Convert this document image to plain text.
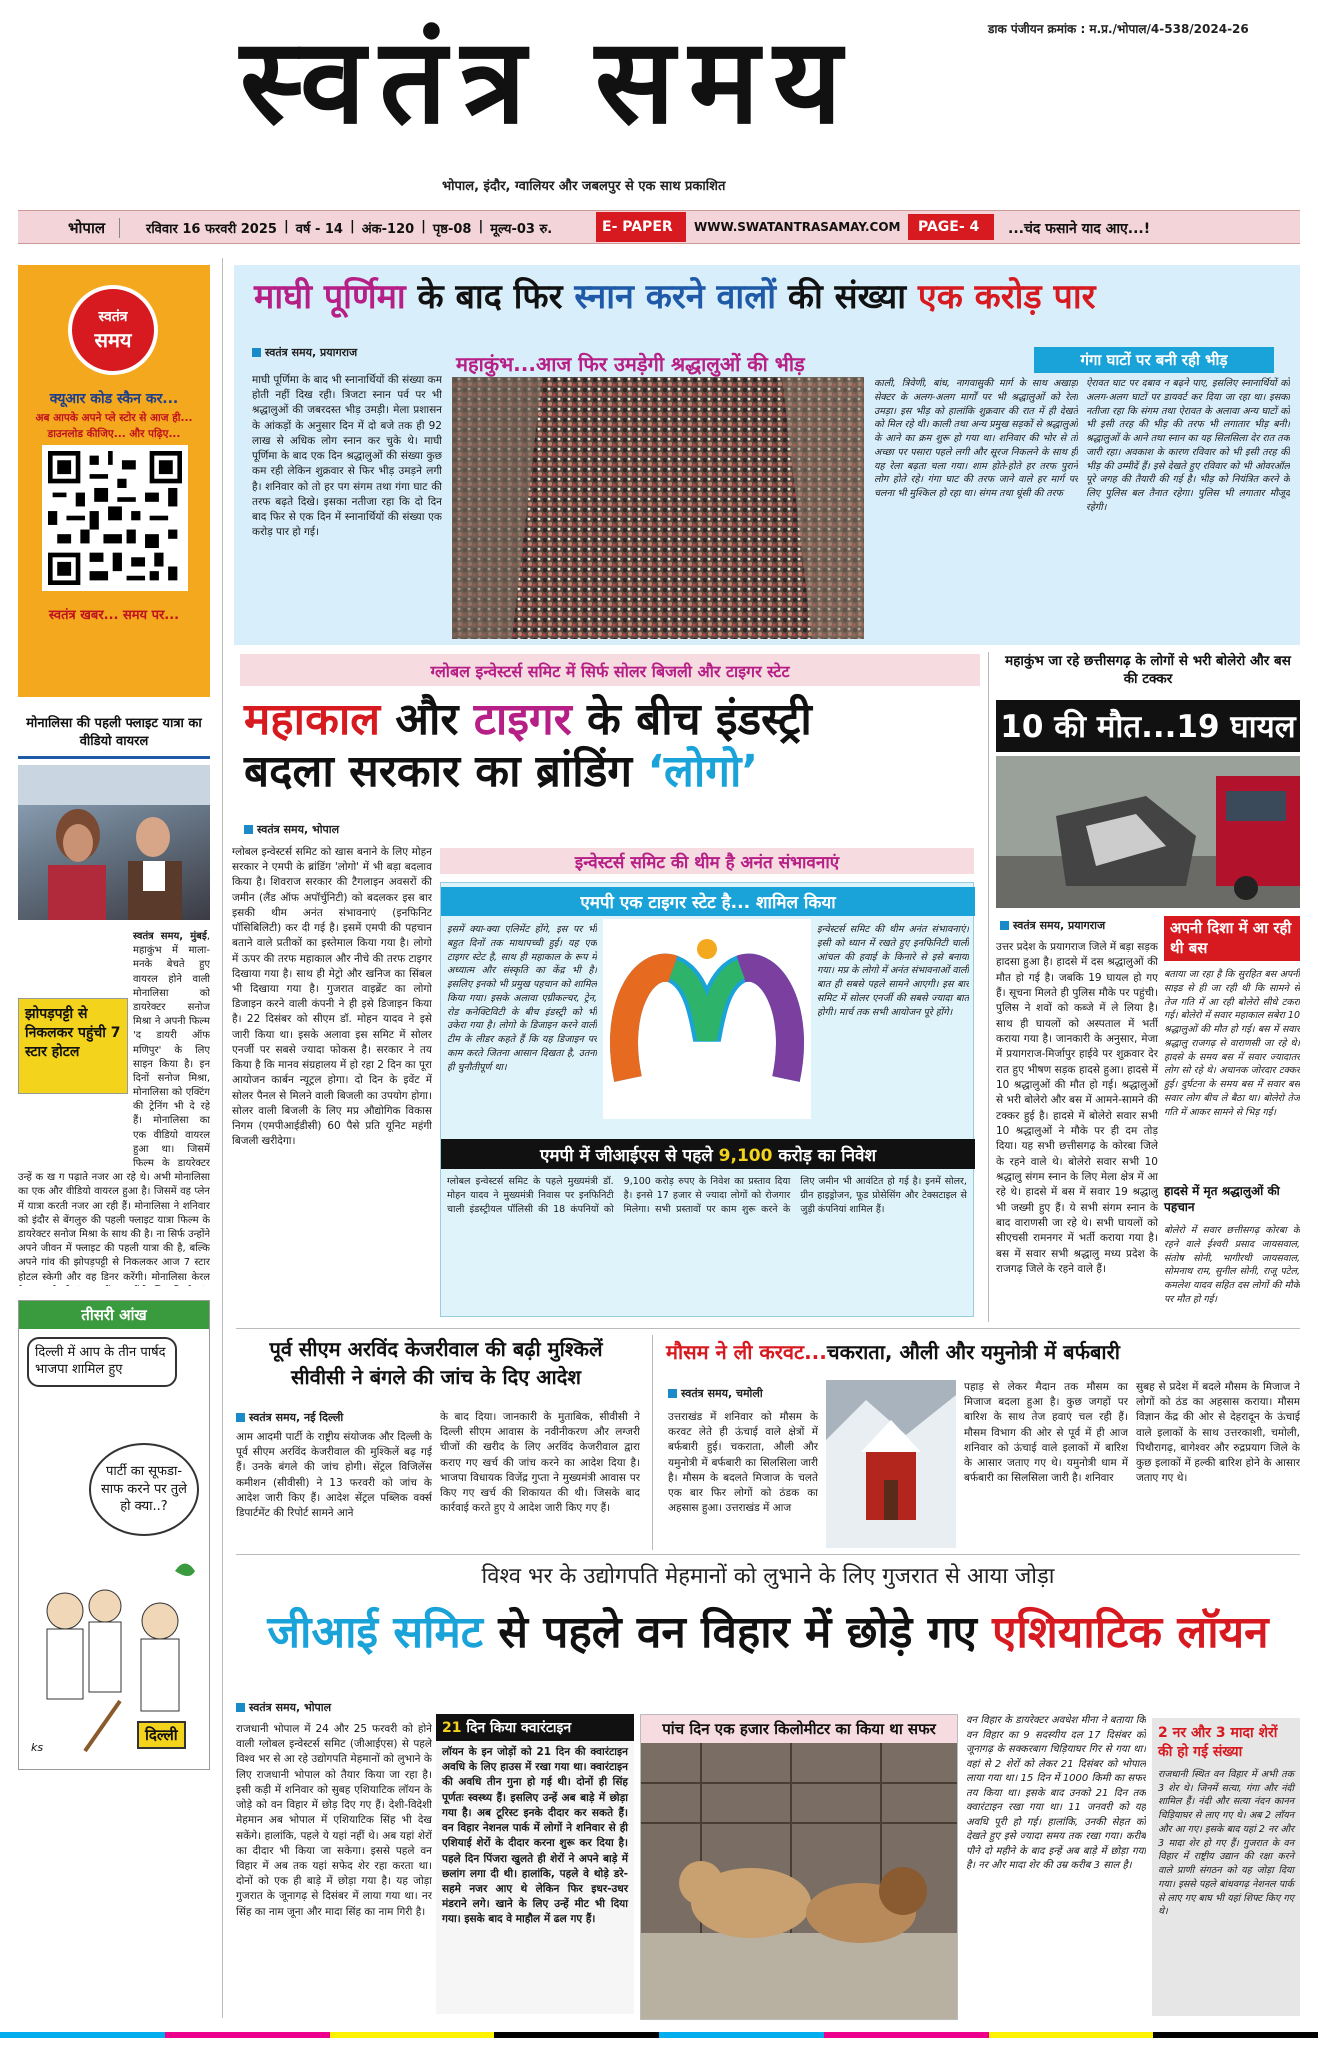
डाक पंजीयन क्रमांक : म.प्र./भोपाल/4-538/2024-26
स्वतंत्र समय
भोपाल, इंदौर, ग्वालियर और जबलपुर से एक साथ प्रकाशित
भोपाल	रविवार 16 फरवरी 2025 | वर्ष - 14 | अंक-120 | पृष्ठ-08 | मूल्य-03 रु.	E- PAPER	WWW.SWATANTRASAMAY.COM	PAGE- 4	...चंद फसाने याद आए...!
स्वतंत्र
समय
क्यूआर कोड स्कैन कर...
अब आपके अपने प्ले स्टोर से आज ही...
डाउनलोड कीजिए... और पढ़िए...
स्वतंत्र खबर... समय पर...
मोनालिसा की पहली फ्लाइट यात्रा का वीडियो वायरल
झोपड़पट्टी से निकलकर पहुंची 7 स्टार होटल
स्वतंत्र समय, मुंबई, महाकुंभ में माला-मनके बेचते हुए वायरल होने वाली मोनालिसा को डायरेक्टर सनोज मिश्रा ने अपनी फिल्म 'द डायरी ऑफ मणिपुर' के लिए साइन किया है। इन दिनों सनोज मिश्रा, मोनालिसा को एक्टिंग की ट्रेनिंग भी दे रहे हैं। मोनालिसा का एक वीडियो वायरल हुआ था। जिसमें फिल्म के डायरेक्टर उन्हें क ख ग पढ़ाते नजर आ रहे थे। अभी मोनालिसा का एक और वीडियो वायरल हुआ है। जिसमें वह प्लेन में यात्रा करती नजर आ रही हैं। मोनालिसा ने शनिवार को इंदौर से बेंगलुरु की पहली फ्लाइट यात्रा फिल्म के डायरेक्टर सनोज मिश्रा के साथ की है। ना सिर्फ उन्होंने अपने जीवन में फ्लाइट की पहली यात्रा की है, बल्कि अपने गांव की झोपड़पट्टी से निकलकर आज 7 स्टार होटल स्केगी और वह डिनर करेंगी। मोनालिसा केरल
तीसरी आंख
दिल्ली में आप के तीन पार्षद भाजपा शामिल हुए
पार्टी का सूफडा-साफ करने पर तुले हो क्या..?
दिल्ली
ks
माघी पूर्णिमा के बाद फिर स्नान करने वालों की संख्या एक करोड़ पार
स्वतंत्र समय, प्रयागराज	महाकुंभ...आज फिर उमड़ेगी श्रद्धालुओं की भीड़	गंगा घाटों पर बनी रही भीड़
माघी पूर्णिमा के बाद भी स्नानार्थियों की संख्या कम होती नहीं दिख रही। त्रिजटा स्नान पर्व पर भी श्रद्धालुओं की जबरदस्त भीड़ उमड़ी। मेला प्रशासन के आंकड़ों के अनुसार दिन में दो बजे तक ही 92 लाख से अधिक लोग स्नान कर चुके थे। माघी पूर्णिमा के बाद एक दिन श्रद्धालुओं की संख्या कुछ कम रही लेकिन शुक्रवार से फिर भीड़ उमड़ने लगी है। शनिवार को तो हर पग संगम तथा गंगा घाट की तरफ बढ़ते दिखे। इसका नतीजा रहा कि दो दिन बाद फिर से एक दिन में स्नानार्थियों की संख्या एक करोड़ पार हो गई।
काली, त्रिवेणी, बांध, नागवासुकी मार्ग के साथ अखाड़ा सेक्टर के अलग-अलग मार्गों पर भी श्रद्धालुओं को रेला उमड़ा। इस भीड़ को हालांकि शुक्रवार की रात में ही देखते को मिल रहे थी। काली तथा अन्य प्रमुख सड़कों से श्रद्धालुओं के आने का क्रम शुरू हो गया था। शनिवार की भोर से तो अच्छा पर पसारा पहले लगी और सूरज निकलने के साथ ही यह रेला बढ़ता चला गया। शाम होते-होते हर तरफ पुराने लोग होते रहे। गंगा घाट की तरफ जाने वाले हर मार्ग पर चलना भी मुश्किल हो रहा था। संगम तथा घूंसी की तरफ
ऐरावत घाट पर दबाव न बढ़ने पाए, इसलिए स्नानार्थियों को अलग-अलग घाटों पर डायवर्ट कर दिया जा रहा था। इसका नतीजा रहा कि संगम तथा ऐरावत के अलावा अन्य घाटों को भी इसी तरह की भीड़ की तरफ भी लगातार भीड़ बनी। श्रद्धालुओं के आने तथा स्नान का यह सिलसिला देर रात तक जारी रहा। अवकाश के कारण रविवार को भी इसी तरह की भीड़ की उम्मीदें हैं। इसे देखते हुए रविवार को भी ओवरऑल पूरे जगह की तैयारी की गई है। भीड़ को नियंत्रित करने के लिए पुलिस बल तैनात रहेगा। पुलिस भी लगातार मौजूद रहेगी।
ग्लोबल इन्वेस्टर्स समिट में सिर्फ सोलर बिजली और टाइगर स्टेट
महाकाल और टाइगर के बीच इंडस्ट्री
बदला सरकार का ब्रांडिंग ‘लोगो’
स्वतंत्र समय, भोपाल
इन्वेस्टर्स समिट की थीम है अनंत संभावनाएं
ग्लोबल इन्वेस्टर्स समिट को खास बनाने के लिए मोहन सरकार ने एमपी के ब्रांडिंग 'लोगो' में भी बड़ा बदलाव किया है। शिवराज सरकार की टैगलाइन अवसरों की जमीन (लैंड ऑफ अपॉर्चुनिटी) को बदलकर इस बार इसकी थीम अनंत संभावनाएं (इनफिनिट पॉसिबिलिटी) कर दी गई है। इसमें एमपी की पहचान बताने वाले प्रतीकों का इस्तेमाल किया गया है। लोगो में ऊपर की तरफ महाकाल और नीचे की तरफ टाइगर दिखाया गया है। साथ ही मेट्रो और खनिज का सिंबल भी दिखाया गया है। गुजरात वाइब्रेंट का लोगो डिजाइन करने वाली कंपनी ने ही इसे डिजाइन किया है। 22 दिसंबर को सीएम डॉ. मोहन यादव ने इसे जारी किया था। इसके अलावा इस समिट में सोलर एनर्जी पर सबसे ज्यादा फोकस है। सरकार ने तय किया है कि मानव संग्रहालय में हो रहा 2 दिन का पूरा आयोजन कार्बन न्यूट्रल होगा। दो दिन के इवेंट में सोलर पैनल से मिलने वाली बिजली का उपयोग होगा। सोलर वाली बिजली के लिए मप्र औद्योगिक विकास निगम (एमपीआईडीसी) 60 पैसे प्रति यूनिट महंगी बिजली खरीदेगा।
एमपी एक टाइगर स्टेट है... शामिल किया
इसमें क्या-क्या एलिमेंट होंगे, इस पर भी बहुत दिनों तक माथापच्ची हुई। यह एक टाइगर स्टेट है, साथ ही महाकाल के रूप में अध्यात्म और संस्कृति का केंद्र भी है। इसलिए इनको भी प्रमुख पहचान को शामिल किया गया। इसके अलावा एग्रीकल्चर, ट्रेन, रोड कनेक्टिविटी के बीच इंडस्ट्री को भी उकेरा गया है। लोगो के डिजाइन करने वाली टीम के लीडर कहते हैं कि यह डिजाइन पर काम करते जितना आसान दिखता है, उतना ही चुनौतीपूर्ण था।
इन्वेस्टर्स समिट की थीम अनंत संभावनाएं। इसी को ध्यान में रखते हुए इनफिनिटी चाली आंचल की हवाई के किनारे से इसे बनाया गया। मप्र के लोगो में अनंत संभावनाओं वाली बात ही सबसे पहले सामने आएगी। इस बार समिट में सोलर एनर्जी की सबसे ज्यादा बात होगी। मार्च तक सभी आयोजन पूरे होंगे।
एमपी में जीआईएस से पहले 9,100 करोड़ का निवेश
ग्लोबल इन्वेस्टर्स समिट के पहले मुख्यमंत्री डॉ. मोहन यादव ने मुख्यमंत्री निवास पर इनफिनिटी चाली इंडस्ट्रीयल पॉलिसी की 18 कंपनियों को 9,100 करोड़ रुपए के निवेश का प्रस्ताव दिया है। इनसे 17 हजार से ज्यादा लोगों को रोजगार मिलेगा। सभी प्रस्तावों पर काम शुरू करने के लिए जमीन भी आवंटित हो गई है। इनमें सोलर, ग्रीन हाइड्रोजन, फूड प्रोसेसिंग और टेक्सटाइल से जुड़ी कंपनियां शामिल हैं।
महाकुंभ जा रहे छत्तीसगढ़ के लोगों से भरी बोलेरो और बस की टक्कर
10 की मौत...19 घायल
स्वतंत्र समय, प्रयागराज
उत्तर प्रदेश के प्रयागराज जिले में बड़ा सड़क हादसा हुआ है। हादसे में दस श्रद्धालुओं की मौत हो गई है। जबकि 19 घायल हो गए हैं। सूचना मिलते ही पुलिस मौके पर पहुंची। पुलिस ने शवों को कब्जे में ले लिया है। साथ ही घायलों को अस्पताल में भर्ती कराया गया है। जानकारी के अनुसार, मेजा में प्रयागराज-मिर्जापुर हाईवे पर शुक्रवार देर रात हुए भीषण सड़क हादसे हुआ। हादसे में 10 श्रद्धालुओं की मौत हो गई। श्रद्धालुओं से भरी बोलेरो और बस में आमने-सामने की टक्कर हुई है। हादसे में बोलेरो सवार सभी 10 श्रद्धालुओं ने मौके पर ही दम तोड़ दिया। यह सभी छत्तीसगढ़ के कोरबा जिले के रहने वाले थे। बोलेरो सवार सभी 10 श्रद्धालु संगम स्नान के लिए मेला क्षेत्र में आ रहे थे। हादसे में बस में सवार 19 श्रद्धालु भी जख्मी हुए हैं। ये सभी संगम स्नान के बाद वाराणसी जा रहे थे। सभी घायलों को सीएचसी रामनगर में भर्ती कराया गया है। बस में सवार सभी श्रद्धालु मध्य प्रदेश के राजगढ़ जिले के रहने वाले हैं।
अपनी दिशा में आ रही थी बस
बताया जा रहा है कि सुरहित बस अपनी साइड से ही जा रही थी कि सामने से तेज गति में आ रही बोलेरो सीधे टकरा गई। बोलेरो में सवार महाकाल सबेरा 10 श्रद्धालुओं की मौत हो गई। बस में सवार श्रद्धालु राजगढ़ से वाराणसी जा रहे थे। हादसे के समय बस में सवार ज्यादातर लोग सो रहे थे। अचानक जोरदार टक्कर हुई। दुर्घटना के समय बस में सवार बस सवार लोग बीच ले बैठा था। बोलेरो तेज गति में आकर सामने से भिड़ गई।
हादसे में मृत श्रद्धालुओं की पहचान
बोलेरो में सवार छत्तीसगढ़ कोरबा के रहने वाले ईश्वरी प्रसाद जायसवाल, संतोष सोनी, भागीरथी जायसवाल, सोमनाथ राम, सुनील सोनी, राजू पटेल, कमलेश यादव सहित दस लोगों की मौके पर मौत हो गई।
पूर्व सीएम अरविंद केजरीवाल की बढ़ी मुश्किलें
सीवीसी ने बंगले की जांच के दिए आदेश
स्वतंत्र समय, नई दिल्ली
आम आदमी पार्टी के राष्ट्रीय संयोजक और दिल्ली के पूर्व सीएम अरविंद केजरीवाल की मुश्किलें बढ़ गई हैं। उनके बंगले की जांच होगी। सेंट्रल विजिलेंस कमीशन (सीवीसी) ने 13 फरवरी को जांच के आदेश जारी किए हैं। आदेश सेंट्रल पब्लिक वर्क्स डिपार्टमेंट की रिपोर्ट सामने आने
के बाद दिया। जानकारी के मुताबिक, सीवीसी ने दिल्ली सीएम आवास के नवीनीकरण और लग्जरी चीजों की खरीद के लिए अरविंद केजरीवाल द्वारा कराए गए खर्च की जांच करने का आदेश दिया है। भाजपा विधायक विजेंद्र गुप्ता ने मुख्यमंत्री आवास पर किए गए खर्च की शिकायत की थी। जिसके बाद कार्रवाई करते हुए ये आदेश जारी किए गए हैं।
मौसम ने ली करवट...चकराता, औली और यमुनोत्री में बर्फबारी
स्वतंत्र समय, चमोली
उत्तराखंड में शनिवार को मौसम के करवट लेते ही ऊंचाई वाले क्षेत्रों में बर्फबारी हुई। चकराता, औली और यमुनोत्री में बर्फबारी का सिलसिला जारी है। मौसम के बदलते मिजाज के चलते एक बार फिर लोगों को ठंडक का अहसास हुआ। उत्तराखंड में आज
पहाड़ से लेकर मैदान तक मौसम का मिजाज बदला हुआ है। कुछ जगहों पर बारिश के साथ तेज हवाएं चल रही हैं। मौसम विभाग की ओर से पूर्व में ही आज शनिवार को ऊंचाई वाले इलाकों में बारिश के आसार जताए गए थे। यमुनोत्री धाम में बर्फबारी का सिलसिला जारी है। शनिवार
सुबह से प्रदेश में बदले मौसम के मिजाज ने लोगों को ठंड का अहसास कराया। मौसम विज्ञान केंद्र की ओर से देहरादून के ऊंचाई वाले इलाकों के साथ उत्तरकाशी, चमोली, पिथौरागढ़, बागेश्वर और रुद्रप्रयाग जिले के कुछ इलाकों में हल्की बारिश होने के आसार जताए गए थे।
विश्व भर के उद्योगपति मेहमानों को लुभाने के लिए गुजरात से आया जोड़ा
जीआई समिट से पहले वन विहार में छोड़े गए एशियाटिक लॉयन
स्वतंत्र समय, भोपाल
राजधानी भोपाल में 24 और 25 फरवरी को होने वाली ग्लोबल इन्वेस्टर्स समिट (जीआईएस) से पहले विश्व भर से आ रहे उद्योगपति मेहमानों को लुभाने के लिए राजधानी भोपाल को तैयार किया जा रहा है। इसी कड़ी में शनिवार को सुबह एशियाटिक लॉयन के जोड़े को वन विहार में छोड़ दिए गए हैं। देशी-विदेशी मेहमान अब भोपाल में एशियाटिक सिंह भी देख सकेंगे। हालांकि, पहले ये यहां नहीं थे। अब यहां शेरों का दीदार भी किया जा सकेगा। इससे पहले वन विहार में अब तक यहां सफेद शेर रहा करता था। दोनों को एक ही बाड़े में छोड़ा गया है। यह जोड़ा गुजरात के जूनागढ़ से दिसंबर में लाया गया था। नर सिंह का नाम जूना और मादा सिंह का नाम गिरी है।
21 दिन किया क्वारंटाइन
लॉयन के इन जोड़ों को 21 दिन की क्वारंटाइन अवधि के लिए हाउस में रखा गया था। क्वारंटाइन की अवधि तीन गुना हो गई थी। दोनों ही सिंह पूर्णतः स्वस्थ्य हैं। इसलिए उन्हें अब बाड़े में छोड़ा गया है। अब टूरिस्ट इनके दीदार कर सकते हैं। वन विहार नेशनल पार्क में लोगों ने शनिवार से ही एशियाई शेरों के दीदार करना शुरू कर दिया है। पहले दिन पिंजरा खुलते ही शेरों ने अपने बाड़े में छलांग लगा दी थी। हालांकि, पहले वे थोड़े डरे-सहमे नजर आए थे लेकिन फिर इधर-उधर मंडराने लगे। खाने के लिए उन्हें मीट भी दिया गया। इसके बाद वे माहौल में ढल गए हैं।
पांच दिन एक हजार किलोमीटर का किया था सफर	वन विहार के डायरेक्टर अवधेश मीना ने बताया कि वन विहार का 9 सदस्यीय दल 17 दिसंबर को जूनागढ़ के सक्करबाग चिड़ियाघर गिर से गया था। वहां से 2 शेरों को लेकर 21 दिसंबर को भोपाल लाया गया था। 15 दिन में 1000 किमी का सफर तय किया था। इसके बाद उनको 21 दिन तक क्वारंटाइन रखा गया था। 11 जनवरी को यह अवधि पूरी हो गई। हालांकि, उनकी सेहत को देखते हुए इसे ज्यादा समय तक रखा गया। करीब पौने दो महीने के बाद इन्हें अब बाड़े में छोड़ा गया है। नर और मादा शेर की उम्र करीब 3 साल है।
2 नर और 3 मादा शेरों की हो गई संख्या
राजधानी स्थित वन विहार में अभी तक 3 शेर थे। जिनमें सत्या, गंगा और नंदी शामिल हैं। नंदी और सत्या नंदन कानन चिड़ियाघर से लाए गए थे। अब 2 लॉयन और आ गए। इसके बाद यहां 2 नर और 3 मादा शेर हो गए हैं। गुजरात के वन विहार में राष्ट्रीय उद्यान की रक्षा करने वाले प्राणी संगठन को यह जोड़ा दिया गया। इससे पहले बांधवगढ़ नेशनल पार्क से लाए गए बाघ भी यहां शिफ्ट किए गए थे।
